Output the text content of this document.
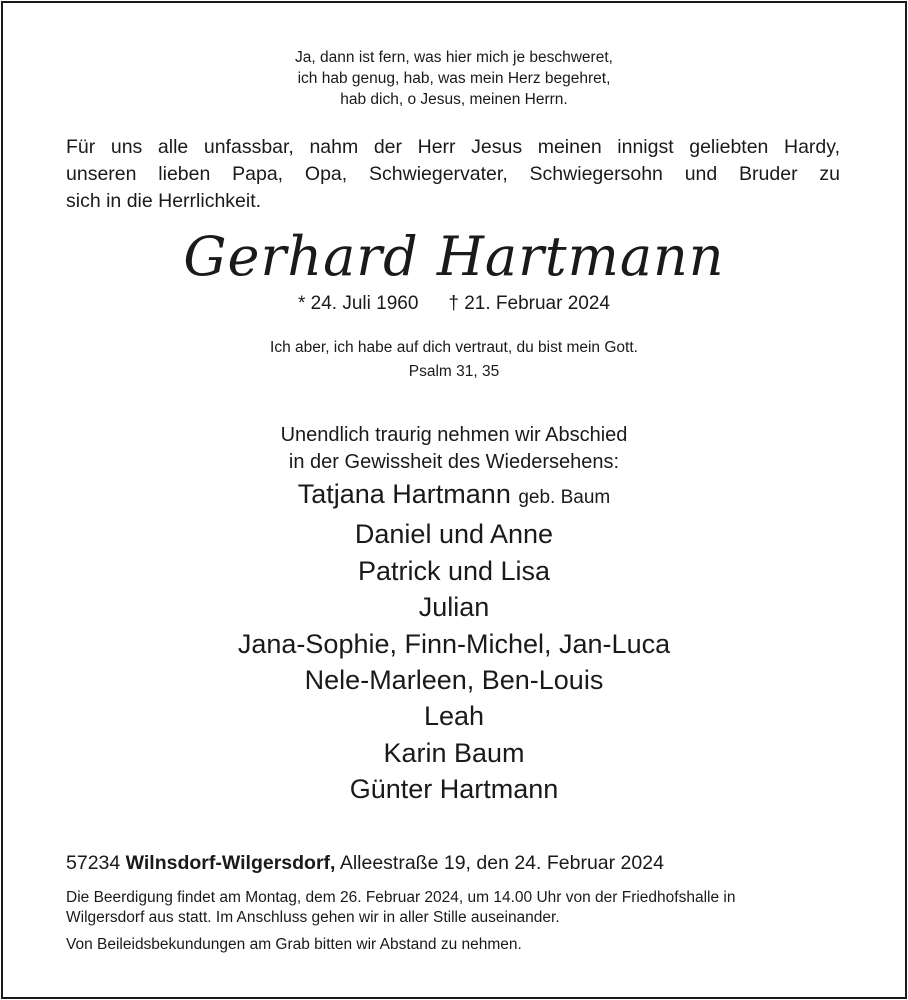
Ja, dann ist fern, was hier mich je beschweret,
ich hab genug, hab, was mein Herz begehret,
hab dich, o Jesus, meinen Herrn.
Für uns alle unfassbar, nahm der Herr Jesus meinen innigst geliebten Hardy,
unseren lieben Papa, Opa, Schwiegervater, Schwiegersohn und Bruder zu
sich in die Herrlichkeit.
Gerhard Hartmann
* 24. Juli 1960 † 21. Februar 2024
Ich aber, ich habe auf dich vertraut, du bist mein Gott.
Psalm 31, 35
Unendlich traurig nehmen wir Abschied
in der Gewissheit des Wiedersehens:
Tatjana Hartmann geb. Baum
Daniel und Anne
Patrick und Lisa
Julian
Jana-Sophie, Finn-Michel, Jan-Luca
Nele-Marleen, Ben-Louis
Leah
Karin Baum
Günter Hartmann
57234 Wilnsdorf-Wilgersdorf, Alleestraße 19, den 24. Februar 2024
Die Beerdigung findet am Montag, dem 26. Februar 2024, um 14.00 Uhr von der Friedhofshalle in
Wilgersdorf aus statt. Im Anschluss gehen wir in aller Stille auseinander.
Von Beileidsbekundungen am Grab bitten wir Abstand zu nehmen.
